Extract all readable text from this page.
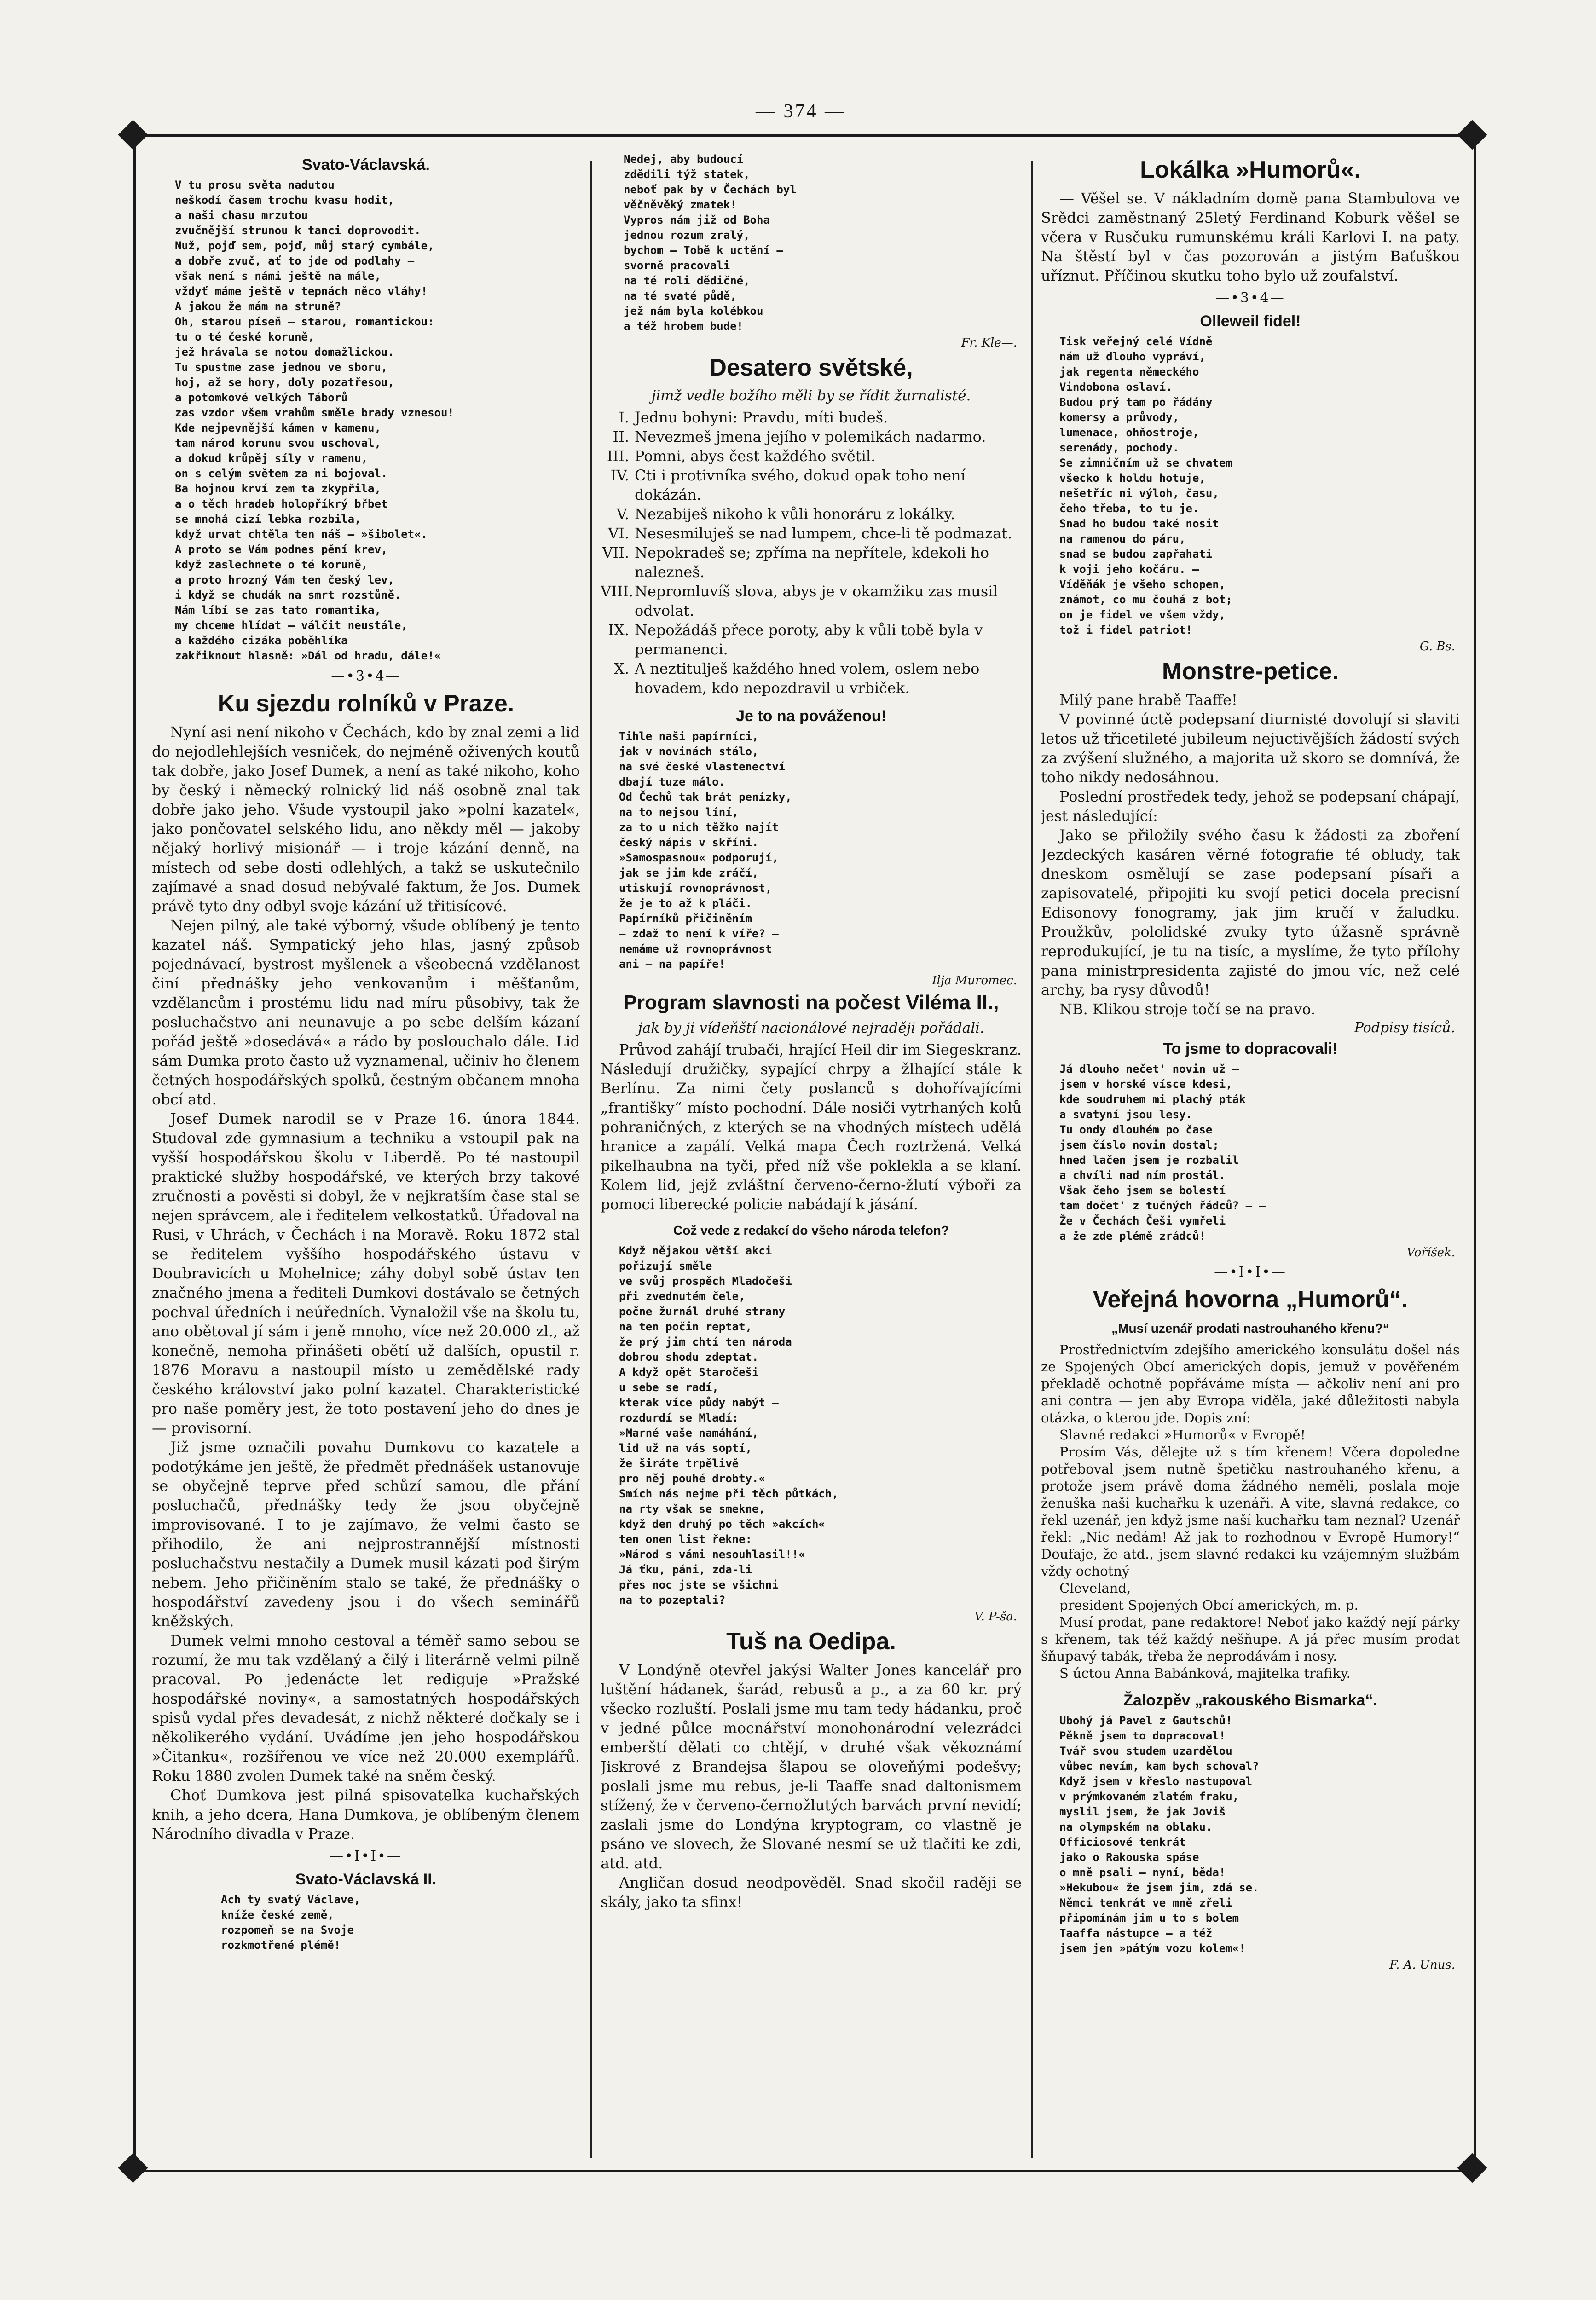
— 374 —
Svato-Václavská.
V tu prosu světa nadutou
neškodí časem trochu kvasu hodit,
a naši chasu mrzutou
zvučnější strunou k tanci doprovodit.
Nuž, pojď sem, pojď, můj starý cymbále,
a dobře zvuč, ať to jde od podlahy —
však není s námi ještě na mále,
vždyť máme ještě v tepnách něco vláhy!
A jakou že mám na struně?
Oh, starou píseň — starou, romantickou:
tu o té české koruně,
jež hrávala se notou domažlickou.
Tu spustme zase jednou ve sboru,
hoj, až se hory, doly pozatřesou,
a potomkové velkých Táborů
zas vzdor všem vrahům směle brady vznesou!
Kde nejpevnější kámen v kamenu,
tam národ korunu svou uschoval,
a dokud krůpěj síly v ramenu,
on s celým světem za ni bojoval.
Ba hojnou krví zem ta zkypřila,
a o těch hradeb holopříkrý břbet
se mnohá cizí lebka rozbila,
když urvat chtěla ten náš — »šibolet«.
A proto se Vám podnes pění krev,
když zaslechnete o té koruně,
a proto hrozný Vám ten český lev,
i když se chudák na smrt rozstůně.
Nám líbí se zas tato romantika,
my chceme hlídat — válčit neustále,
a každého cizáka poběhlíka
zakřiknout hlasně: »Dál od hradu, dále!«
—•3•4—
Ku sjezdu rolníků v Praze.

Nyní asi není nikoho v Čechách, kdo by znal zemi a lid do nejodlehlejších vesniček, do nejméně oživených koutů tak dobře, jako Josef Dumek, a není as také nikoho, koho by český i německý rolnický lid náš osobně znal tak dobře jako jeho. Všude vystoupil jako »polní kazatel«, jako pončovatel selského lidu, ano někdy měl — jakoby nějaký horlivý misionář — i troje kázání denně, na místech od sebe dosti odlehlých, a takž se uskutečnilo zajímavé a snad dosud nebývalé faktum, že Jos. Dumek právě tyto dny odbyl svoje kázání už třitisícové.

Nejen pilný, ale také výborný, všude oblíbený je tento kazatel náš. Sympatický jeho hlas, jasný způsob pojednávací, bystrost myšlenek a všeobecná vzdělanost činí přednášky jeho venkovanům i měšťanům, vzdělancům i prostému lidu nad míru působivy, tak že posluchačstvo ani neunavuje a po sebe delším kázaní pořád ještě »dosedává« a rádo by poslouchalo dále. Lid sám Dumka proto často už vyznamenal, učiniv ho členem četných hospodářských spolků, čestným občanem mnoha obcí atd.

Josef Dumek narodil se v Praze 16. února 1844. Studoval zde gymnasium a techniku a vstoupil pak na vyšší hospodářskou školu v Liberdě. Po té nastoupil praktické služby hospodářské, ve kterých brzy takové zručnosti a pověsti si dobyl, že v nejkratším čase stal se nejen správcem, ale i ředitelem velkostatků. Úřadoval na Rusi, v Uhrách, v Čechách i na Moravě. Roku 1872 stal se ředitelem vyššího hospodářského ústavu v Doubravicích u Mohelnice; záhy dobyl sobě ústav ten značného jmena a řediteli Dumkovi dostávalo se četných pochval úředních i neúředních. Vynaložil vše na školu tu, ano obětoval jí sám i jeně mnoho, více než 20.000 zl., až konečně, nemoha přinášeti obětí už dalších, opustil r. 1876 Moravu a nastoupil místo u zemědělské rady českého království jako polní kazatel. Charakteristické pro naše poměry jest, že toto postavení jeho do dnes je — provisorní.

Již jsme označili povahu Dumkovu co kazatele a podotýkáme jen ještě, že předmět přednášek ustanovuje se obyčejně teprve před schůzí samou, dle přání posluchačů, přednášky tedy že jsou obyčejně improvisované. I to je zajímavo, že velmi často se přihodilo, že ani nejprostrannější místnosti posluchačstvu nestačily a Dumek musil kázati pod širým nebem. Jeho přičiněním stalo se také, že přednášky o hospodářství zavedeny jsou i do všech seminářů kněžských.

Dumek velmi mnoho cestoval a téměř samo sebou se rozumí, že mu tak vzdělaný a čilý i literárně velmi pilně pracoval. Po jedenácte let rediguje »Pražské hospodářské noviny«, a samostatných hospodářských spisů vydal přes devadesát, z nichž některé dočkaly se i několikerého vydání. Uvádíme jen jeho hospodářskou »Čitanku«, rozšířenou ve více než 20.000 exemplářů. Roku 1880 zvolen Dumek také na sněm český.

Choť Dumkova jest pilná spisovatelka kuchařských knih, a jeho dcera, Hana Dumkova, je oblíbeným členem Národního divadla v Praze.

—•I•I•—
Svato-Václavská II.
Ach ty svatý Václave,
kníže české země,
rozpomeň se na Svoje
rozkmotřené plémě!
Nedej, aby budoucí
zdědili týž statek,
neboť pak by v Čechách byl
věčněvěký zmatek!
Vypros nám již od Boha
jednou rozum zralý,
bychom — Tobě k uctění —
svorně pracovali
na té roli dědičné,
na té svaté půdě,
jež nám byla kolébkou
a též hrobem bude!
Fr. Kle—.
Desatero světské,
jimž vedle božího měli by se řídit žurnalisté.
I. Jednu bohyni: Pravdu, míti budeš.
II. Nevezmeš jmena jejího v polemikách nadarmo.
III. Pomni, abys čest každého světil.
IV. Cti i protivníka svého, dokud opak toho není dokázán.
V. Nezabiješ nikoho k vůli honoráru z lokálky.
VI. Nesesmiluješ se nad lumpem, chce-li tě podmazat.
VII. Nepokradeš se; zpříma na nepřítele, kdekoli ho nalezneš.
VIII. Nepromluvíš slova, abys je v okamžiku zas musil odvolat.
IX. Nepožádáš přece poroty, aby k vůli tobě byla v permanenci.
X. A neztitulješ každého hned volem, oslem nebo hovadem, kdo nepozdravil u vrbiček.
Je to na pováženou!
Tihle naši papírníci,
jak v novinách stálo,
na své české vlastenectví
dbají tuze málo.
Od Čechů tak brát penízky,
na to nejsou líní,
za to u nich těžko najít
český nápis v skříni.
»Samospasnou« podporují,
jak se jim kde zráčí,
utiskují rovnoprávnost,
že je to až k pláči.
Papírníků přičiněním
— zdaž to není k víře? —
nemáme už rovnoprávnost
ani — na papíře!
Ilja Muromec.
Program slavnosti na počest Viléma II.,
jak by ji vídeňští nacionálové nejraději pořádali.

Průvod zahájí trubači, hrající Heil dir im Siegeskranz. Následují družičky, sypající chrpy a žlhající stále k Berlínu. Za nimi čety poslanců s dohořívajícími „františky“ místo pochodní. Dále nosiči vytrhaných kolů pohraničných, z kterých se na vhodných místech udělá hranice a zapálí. Velká mapa Čech roztržená. Velká pikelhaubna na tyči, před níž vše poklekla a se klaní. Kolem lid, jejž zvláštní červeno-černo-žlutí výboři za pomoci liberecké policie nabádají k jásání.

Což vede z redakcí do všeho národa telefon?
Když nějakou větší akci
pořizují směle
ve svůj prospěch Mladočeši
při zvednutém čele,
počne žurnál druhé strany
na ten počin reptat,
že prý jim chtí ten národa
dobrou shodu zdeptat.
A když opět Staročeši
u sebe se radí,
kterak více půdy nabýt —
rozdurdí se Mladí:
»Marné vaše namáhání,
lid už na vás soptí,
že širáte trpělivě
pro něj pouhé drobty.«
Smích nás nejme při těch půtkách,
na rty však se smekne,
když den druhý po těch »akcích«
ten onen list řekne:
»Národ s vámi nesouhlasil!!«
Já ťku, páni, zda-li
přes noc jste se všichni
na to pozeptali?
V. P-ša.
Tuš na Oedipa.

V Londýně otevřel jakýsi Walter Jones kancelář pro luštění hádanek, šarád, rebusů a p., a za 60 kr. prý všecko rozluští. Poslali jsme mu tam tedy hádanku, proč v jedné půlce mocnářství monohonárodní velezrádci emberští dělati co chtějí, v druhé však věkoznámí Jiskrové z Brandejsa šlapou se oloveňými podešvy; poslali jsme mu rebus, je-li Taaffe snad daltonismem stížený, že v červeno-černožlutých barvách první nevidí; zaslali jsme do Londýna kryptogram, co vlastně je psáno ve slovech, že Slované nesmí se už tlačiti ke zdi, atd. atd.

Angličan dosud neodpověděl. Snad skočil raději se skály, jako ta sfinx!

Lokálka »Humorů«.

— Věšel se. V nákladním domě pana Stambulova ve Srědci zaměstnaný 25letý Ferdinand Koburk věšel se včera v Rusčuku rumunskému králi Karlovi I. na paty. Na štěstí byl v čas pozorován a jistým Baťuškou uříznut. Příčinou skutku toho bylo už zoufalství.

—•3•4—
Olleweil fidel!
Tisk veřejný celé Vídně
nám už dlouho vypráví,
jak regenta německého
Vindobona oslaví.
Budou prý tam po řádány
komersy a průvody,
lumenace, ohňostroje,
serenády, pochody.
Se zimničním už se chvatem
všecko k holdu hotuje,
nešetříc ni výloh, času,
čeho třeba, to tu je.
Snad ho budou také nosit
na ramenou do páru,
snad se budou zapřahati
k voji jeho kočáru. —
Víděňák je všeho schopen,
známot, co mu čouhá z bot;
on je fidel ve všem vždy,
tož i fidel patriot!
G. Bs.
Monstre-petice.

Milý pane hrabě Taaffe!

V povinné úctě podepsaní diurnisté dovolují si slaviti letos už třicetileté jubileum nejuctivějších žádostí svých za zvýšení služného, a majorita už skoro se domnívá, že toho nikdy nedosáhnou.

Poslední prostředek tedy, jehož se podepsaní chápají, jest následující:

Jako se přiložily svého času k žádosti za zboření Jezdeckých kasáren věrné fotografie té obludy, tak dneskom osmělují se zase podepsaní písaři a zapisovatelé, připojiti ku svojí petici docela precisní Edisonovy fonogramy, jak jim kručí v žaludku. Proužkův, pololidské zvuky tyto úžasně správně reprodukující, je tu na tisíc, a myslíme, že tyto přílohy pana ministrpresidenta zajisté do jmou víc, než celé archy, ba rysy důvodů!

NB. Klikou stroje točí se na pravo.

Podpisy tisíců.
To jsme to dopracovali!
Já dlouho nečet' novin už —
jsem v horské vísce kdesi,
kde soudruhem mi plachý pták
a svatyní jsou lesy.
Tu ondy dlouhém po čase
jsem číslo novin dostal;
hned lačen jsem je rozbalil
a chvíli nad ním prostál.
Však čeho jsem se bolestí
tam dočet' z tučných řádců? — —
Že v Čechách Češi vymřeli
a že zde plémě zrádců!
Voříšek.
—•I•I•—
Veřejná hovorna „Humorů“.
„Musí uzenář prodati nastrouhaného křenu?“

Prostřednictvím zdejšího amerického konsulátu došel nás ze Spojených Obcí amerických dopis, jemuž v pověřeném překladě ochotně popřáváme místa — ačkoliv není ani pro ani contra — jen aby Evropa viděla, jaké důležitosti nabyla otázka, o kterou jde. Dopis zní:

Slavné redakci »Humorů« v Evropě!

Prosím Vás, dělejte už s tím křenem! Včera dopoledne potřeboval jsem nutně špetičku nastrouhaného křenu, a protože jsem právě doma žádného neměli, poslala moje ženuška naši kuchařku k uzenáři. A vite, slavná redakce, co řekl uzenář, jen když jsme naší kuchařku tam neznal? Uzenář řekl: „Nic nedám! Až jak to rozhodnou v Evropě Humory!“ Doufaje, že atd., jsem slavné redakci ku vzájemným službám vždy ochotný

Cleveland,

president Spojených Obcí amerických, m. p.

Musí prodat, pane redaktore! Neboť jako každý nejí párky s křenem, tak též každý nešňupe. A já přec musím prodat šňupavý tabák, třeba že neprodávám i nosy.

S úctou Anna Babánková, majitelka trafiky.

Žalozpěv „rakouského Bismarka“.
Ubohý já Pavel z Gautschů!
Pěkně jsem to dopracoval!
Tvář svou studem uzardělou
vůbec nevím, kam bych schoval?
Když jsem v křeslo nastupoval
v prýmkovaném zlatém fraku,
myslil jsem, že jak Joviš
na olympském na oblaku.
Officiosové tenkrát
jako o Rakouska spáse
o mně psali — nyní, běda!
»Hekubou« že jsem jim, zdá se.
Němci tenkrát ve mně zřeli
připomínám jim u to s bolem
Taaffa nástupce — a též
jsem jen »pátým vozu kolem«!
F. A. Unus.
